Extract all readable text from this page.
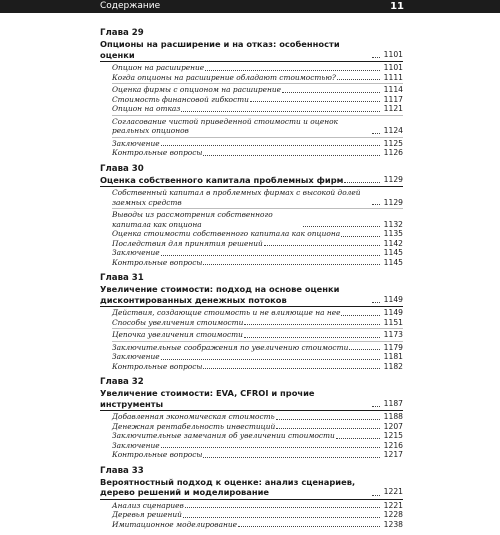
Содержание	11
Глава 29
Опционы на расширение и на отказ: особенности оценки	1101
Опцион на расширение	1101
Когда опционы на расширение обладают стоимостью?	1111
Оценка фирмы с опционом на расширение	1114
Стоимость финансовой гибкости	1117
Опцион на отказ	1121
Согласование чистой приведенной стоимости и оценок реальных опционов	1124
Заключение	1125
Контрольные вопросы	1126
Глава 30
Оценка собственного капитала проблемных фирм	1129
Собственный капитал в проблемных фирмах с высокой долей заемных средств	1129
Выводы из рассмотрения собственного капитала как опциона	1132
Оценка стоимости собственного капитала как опциона	1135
Последствия для принятия решений	1142
Заключение	1145
Контрольные вопросы	1145
Глава 31
Увеличение стоимости: подход на основе оценки дисконтированных денежных потоков	1149
Действия, создающие стоимость и не влияющие на нее	1149
Способы увеличения стоимости	1151
Цепочка увеличения стоимости	1173
Заключительные соображения по увеличению стоимости	1179
Заключение	1181
Контрольные вопросы	1182
Глава 32
Увеличение стоимости: EVA, CFROI и прочие инструменты	1187
Добавленная экономическая стоимость	1188
Денежная рентабельность инвестиций	1207
Заключительные замечания об увеличении стоимости	1215
Заключение	1216
Контрольные вопросы	1217
Глава 33
Вероятностный подход к оценке: анализ сценариев, дерево решений и моделирование	1221
Анализ сценариев	1221
Деревья решений	1228
Имитационное моделирование	1238
